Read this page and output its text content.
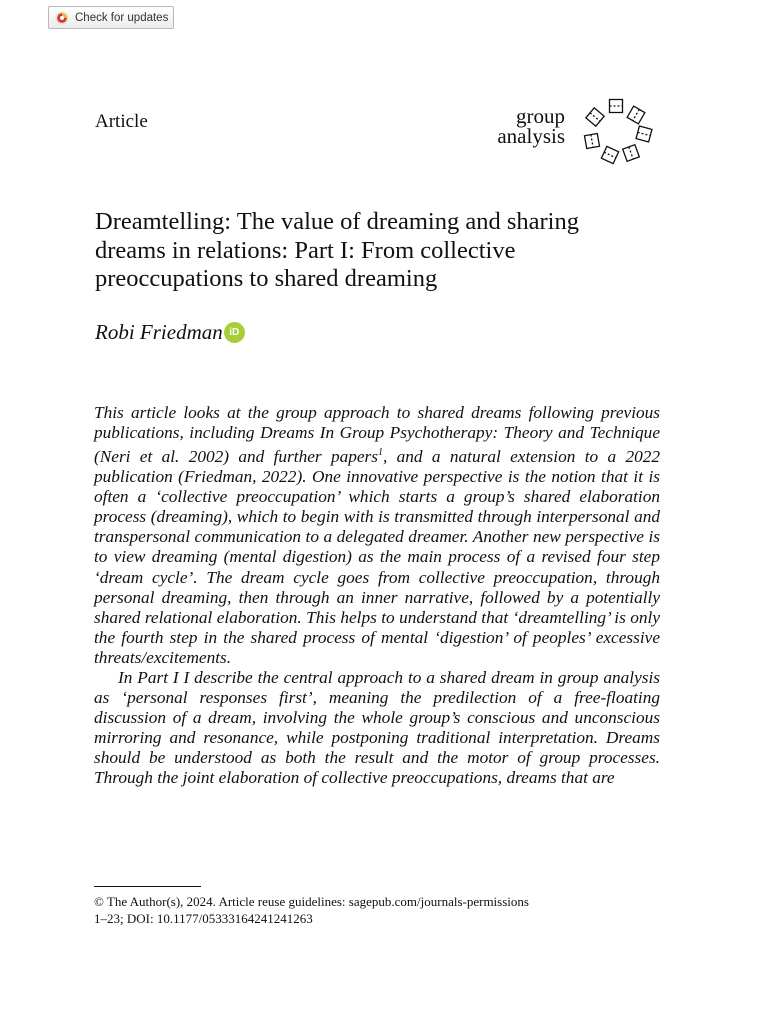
Check for updates
Article	group
analysis
Dreamtelling: The value of dreaming and sharing dreams in relations: Part I: From collective preoccupations to shared dreaming
Robi Friedman iD

This article looks at the group approach to shared dreams following previous publications, including Dreams In Group Psychotherapy: Theory and Technique (Neri et al. 2002) and further papers$^1$, and a natural extension to a 2022 publication (Friedman, 2022). One innovative perspective is the notion that it is often a ‘collective preoccupation’ which starts a group’s shared elaboration process (dreaming), which to begin with is transmitted through interpersonal and transpersonal communication to a delegated dreamer. Another new perspective is to view dreaming (mental digestion) as the main process of a revised four step ‘dream cycle’. The dream cycle goes from collective preoccupation, through personal dreaming, then through an inner narrative, followed by a potentially shared relational elaboration. This helps to understand that ‘dreamtelling’ is only the fourth step in the shared process of mental ‘digestion’ of peoples’ excessive threats/excitements.

In Part I I describe the central approach to a shared dream in group analysis as ‘personal responses first’, meaning the predilection of a free-floating discussion of a dream, involving the whole group’s conscious and unconscious mirroring and resonance, while postponing traditional interpretation. Dreams should be understood as both the result and the motor of group processes. Through the joint elaboration of collective preoccupations, dreams that are

© The Author(s), 2024. Article reuse guidelines: sagepub.com/journals-permissions
1–23; DOI: 10.1177/05333164241241263
